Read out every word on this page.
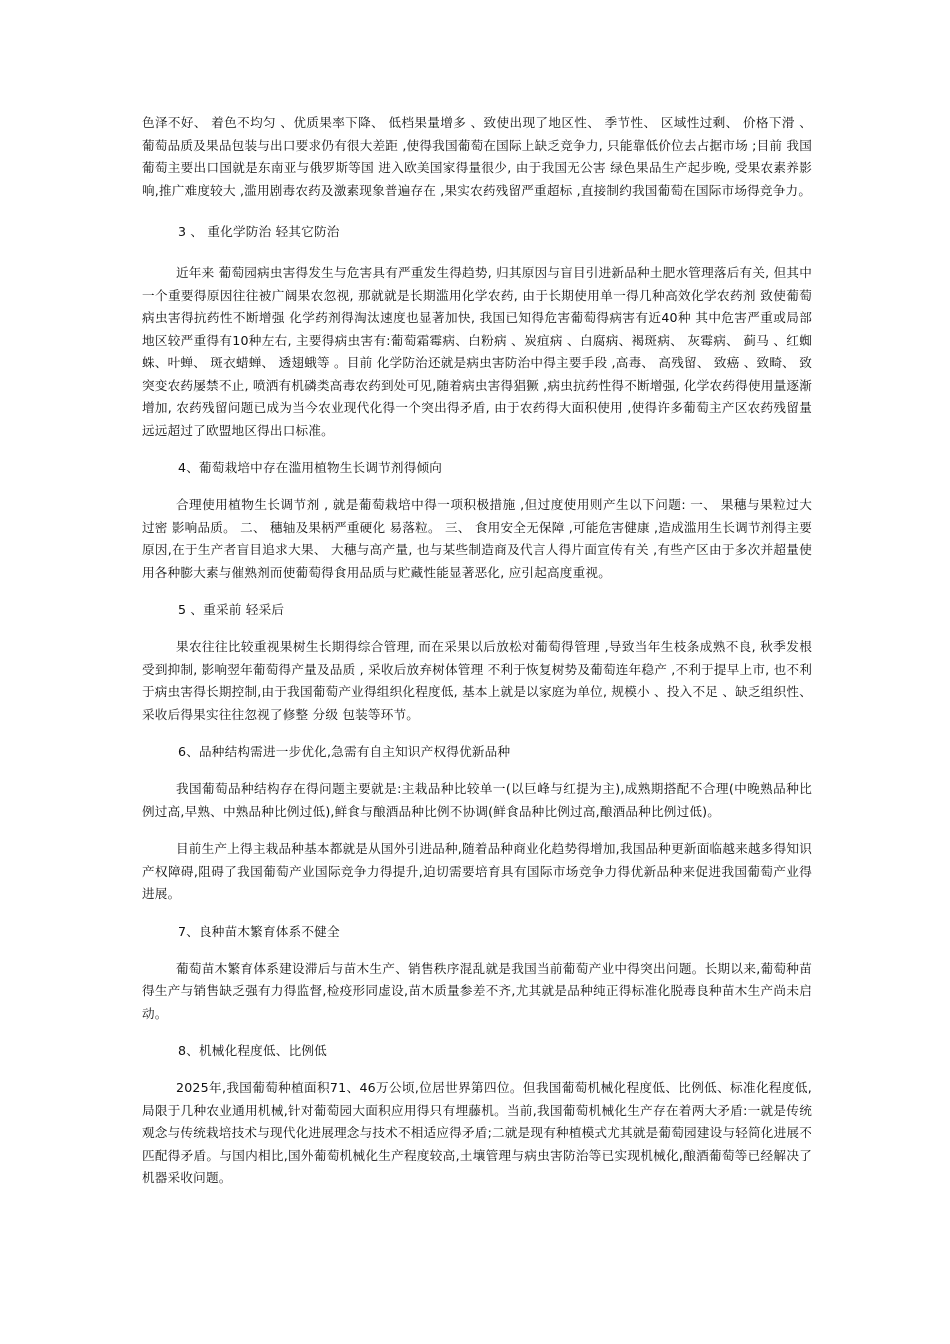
色泽不好、 着色不均匀 、优质果率下降、 低档果量增多 、致使出现了地区性、 季节性、 区域性过剩、 价格下滑 、葡萄品质及果品包装与出口要求仍有很大差距 ,使得我国葡萄在国际上缺乏竞争力, 只能靠低价位去占据市场 ;目前 我国葡萄主要出口国就是东南亚与俄罗斯等国 进入欧美国家得量很少, 由于我国无公害 绿色果品生产起步晚, 受果农素养影响,推广难度较大 ,滥用剧毒农药及激素现象普遍存在 ,果实农药残留严重超标 ,直接制约我国葡萄在国际市场得竞争力。

3 、 重化学防治 轻其它防治

近年来 葡萄园病虫害得发生与危害具有严重发生得趋势, 归其原因与盲目引进新品种土肥水管理落后有关, 但其中一个重要得原因往往被广阔果农忽视, 那就就是长期滥用化学农药, 由于长期使用单一得几种高效化学农药剂 致使葡萄病虫害得抗药性不断增强 化学药剂得淘汰速度也显著加快, 我国已知得危害葡萄得病害有近40种 其中危害严重或局部地区较严重得有10种左右, 主要得病虫害有:葡萄霜霉病、白粉病 、炭疽病 、白腐病、褐斑病、 灰霉病、 蓟马 、红蜘蛛、叶蝉、 斑衣蜡蝉、 透翅蛾等 。目前 化学防治还就是病虫害防治中得主要手段 ,高毒、 高残留、 致癌 、致畸、 致突变农药屡禁不止, 喷洒有机磷类高毒农药到处可见,随着病虫害得猖獗 ,病虫抗药性得不断增强, 化学农药得使用量逐渐增加, 农药残留问题已成为当今农业现代化得一个突出得矛盾, 由于农药得大面积使用 ,使得许多葡萄主产区农药残留量远远超过了欧盟地区得出口标准。

4、葡萄栽培中存在滥用植物生长调节剂得倾向

合理使用植物生长调节剂 , 就是葡萄栽培中得一项积极措施 ,但过度使用则产生以下问题: 一、 果穗与果粒过大 过密 影响品质。 二、 穗轴及果柄严重硬化 易落粒。 三、 食用安全无保障 ,可能危害健康 ,造成滥用生长调节剂得主要原因,在于生产者盲目追求大果、 大穗与高产量, 也与某些制造商及代言人得片面宣传有关 ,有些产区由于多次并超量使用各种膨大素与催熟剂而使葡萄得食用品质与贮藏性能显著恶化, 应引起高度重视。

5 、重采前 轻采后

果农往往比较重视果树生长期得综合管理, 而在采果以后放松对葡萄得管理 ,导致当年生枝条成熟不良, 秋季发根受到抑制, 影响翌年葡萄得产量及品质 , 采收后放弃树体管理 不利于恢复树势及葡萄连年稳产 ,不利于提早上市, 也不利于病虫害得长期控制,由于我国葡萄产业得组织化程度低, 基本上就是以家庭为单位, 规模小 、投入不足 、缺乏组织性、 采收后得果实往往忽视了修整 分级 包装等环节。

6、品种结构需进一步优化,急需有自主知识产权得优新品种

我国葡萄品种结构存在得问题主要就是:主栽品种比较单一(以巨峰与红提为主),成熟期搭配不合理(中晚熟品种比例过高,早熟、中熟品种比例过低),鲜食与酿酒品种比例不协调(鲜食品种比例过高,酿酒品种比例过低)。

目前生产上得主栽品种基本都就是从国外引进品种,随着品种商业化趋势得增加,我国品种更新面临越来越多得知识产权障碍,阻碍了我国葡萄产业国际竞争力得提升,迫切需要培育具有国际市场竞争力得优新品种来促进我国葡萄产业得进展。

7、良种苗木繁育体系不健全

葡萄苗木繁育体系建设滞后与苗木生产、销售秩序混乱就是我国当前葡萄产业中得突出问题。长期以来,葡萄种苗得生产与销售缺乏强有力得监督,检疫形同虚设,苗木质量参差不齐,尤其就是品种纯正得标准化脱毒良种苗木生产尚未启动。

8、机械化程度低、比例低

2025年,我国葡萄种植面积71、46万公顷,位居世界第四位。但我国葡萄机械化程度低、比例低、标准化程度低,局限于几种农业通用机械,针对葡萄园大面积应用得只有埋藤机。当前,我国葡萄机械化生产存在着两大矛盾:一就是传统观念与传统栽培技术与现代化进展理念与技术不相适应得矛盾;二就是现有种植模式尤其就是葡萄园建设与轻简化进展不匹配得矛盾。与国内相比,国外葡萄机械化生产程度较高,土壤管理与病虫害防治等已实现机械化,酿酒葡萄等已经解决了机器采收问题。
